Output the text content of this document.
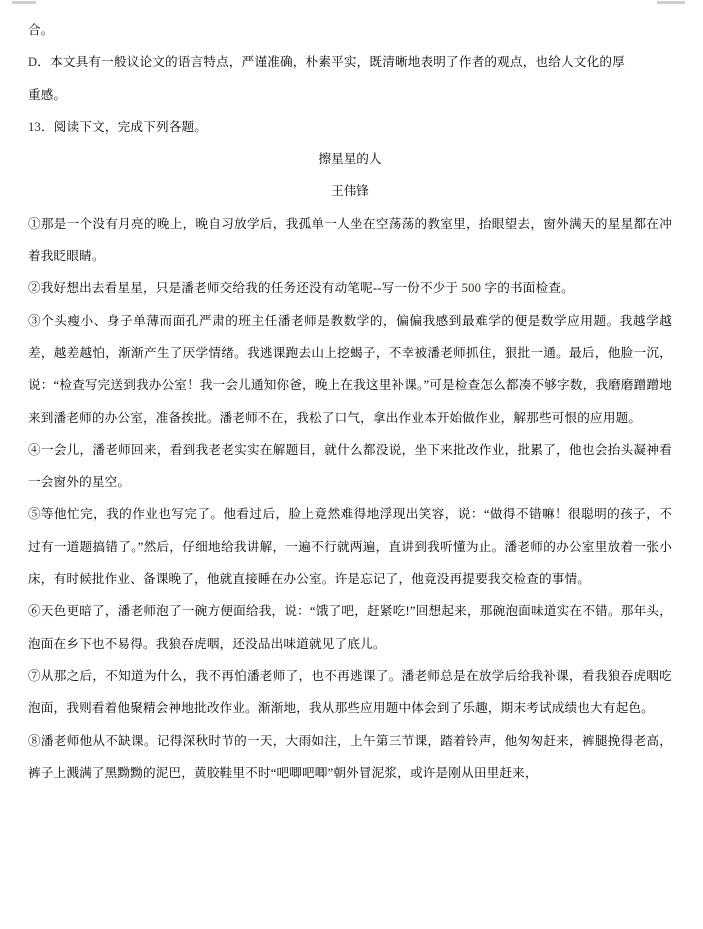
合。

D．本文具有一般议论文的语言特点，严谨准确，朴素平实，既清晰地表明了作者的观点，也给人文化的厚

重感。

13．阅读下文，完成下列各题。

擦星星的人

王伟锋

①那是一个没有月亮的晚上，晚自习放学后，我孤单一人坐在空荡荡的教室里，抬眼望去，窗外满天的星星都在冲着我眨眼睛。

②我好想出去看星星，只是潘老师交给我的任务还没有动笔呢--写一份不少于 500 字的书面检查。

③个头瘦小、身子单薄而面孔严肃的班主任潘老师是教数学的，偏偏我感到最难学的便是数学应用题。我越学越差，越差越怕，渐渐产生了厌学情绪。我逃课跑去山上挖蝎子，不幸被潘老师抓住，狠批一通。最后，他脸一沉，说：“检查写完送到我办公室！我一会儿通知你爸，晚上在我这里补课。”可是检查怎么都凑不够字数，我磨磨蹭蹭地来到潘老师的办公室，准备挨批。潘老师不在，我松了口气，拿出作业本开始做作业，解那些可恨的应用题。

④一会儿，潘老师回来，看到我老老实实在解题目，就什么都没说，坐下来批改作业，批累了，他也会抬头凝神看一会窗外的星空。

⑤等他忙完，我的作业也写完了。他看过后，脸上竟然难得地浮现出笑容，说：“做得不错嘛！很聪明的孩子，不过有一道题搞错了。”然后，仔细地给我讲解，一遍不行就两遍，直讲到我听懂为止。潘老师的办公室里放着一张小床，有时候批作业、备课晚了，他就直接睡在办公室。许是忘记了，他竟没再提要我交检查的事情。

⑥天色更暗了，潘老师泡了一碗方便面给我，说：“饿了吧，赶紧吃!”回想起来，那碗泡面味道实在不错。那年头，泡面在乡下也不易得。我狼吞虎咽，还没品出味道就见了底儿。

⑦从那之后，不知道为什么，我不再怕潘老师了，也不再逃课了。潘老师总是在放学后给我补课，看我狼吞虎咽吃泡面，我则看着他聚精会神地批改作业。渐渐地，我从那些应用题中体会到了乐趣，期末考试成绩也大有起色。

⑧潘老师他从不缺课。记得深秋时节的一天，大雨如注，上午第三节课，踏着铃声，他匆匆赶来，裤腿挽得老高，裤子上溅满了黑黝黝的泥巴，黄胶鞋里不时“吧唧吧唧”朝外冒泥浆，或许是刚从田里赶来，
